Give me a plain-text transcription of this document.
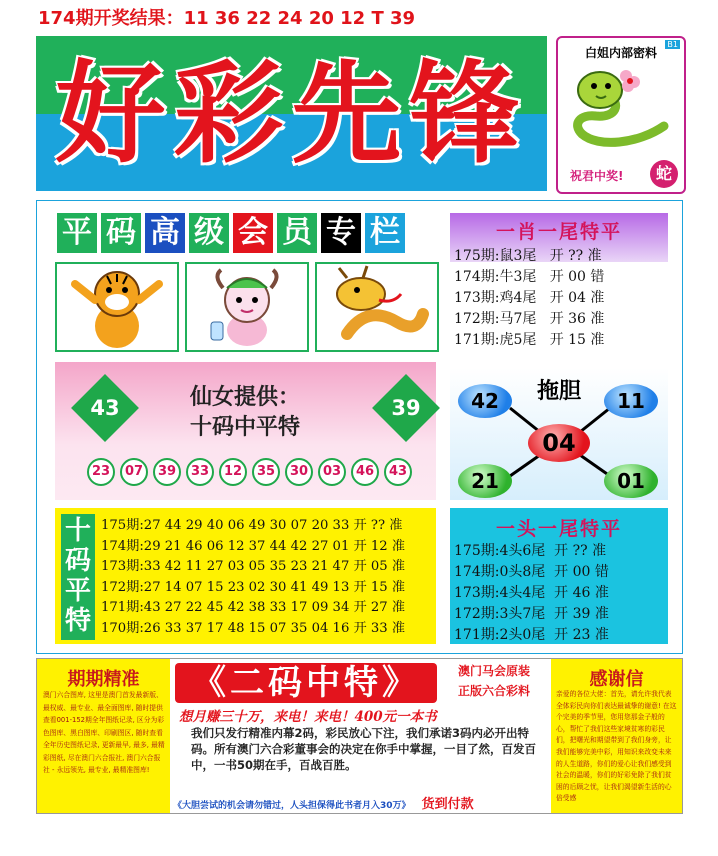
174期开奖结果：11 36 22 24 20 12 T 39
好彩先锋
B1
白姐内部密料
祝君中奖!	蛇
平 码 高 级 会 员 专 栏	一肖一尾特平
175期:鼠3尾   开 ?? 准
174期:牛3尾   开 00 错
173期:鸡4尾   开 04 准
172期:马7尾   开 36 准
171期:虎5尾   开 15 准
43	39
仙女提供：
十码中平特
23	07	39	33	12	35	30	03	46	43
拖胆
42	11
04
21	01
十
码
平
特
175期:27 44 29 40 06 49 30 07 20 33 开 ?? 准
174期:29 21 46 06 12 37 44 42 27 01 开 12 准
173期:33 42 11 27 03 05 35 23 21 47 开 05 准
172期:27 14 07 15 23 02 30 41 49 13 开 15 准
171期:43 27 22 45 42 38 33 17 09 34 开 27 准
170期:26 33 37 17 48 15 07 35 04 16 开 33 准
一头一尾特平
175期:4头6尾  开 ?? 准
174期:0头8尾  开 00 错
173期:4头4尾  开 46 准
172期:3头7尾  开 39 准
171期:2头0尾  开 23 准
期期精准
澳门六合图库, 这里是澳门首发最新版、最权威、最专业、最全面图库, 随时提供查看001-152期全年图纸记录, 区分为彩色图库、黑白图库、印刷图区, 随时查看全年历史图纸记录, 更新最早, 最多, 最精彩图纸, 尽在澳门六合报社, 澳门六合报社 - 永远领先, 最专业, 最精准图库!
《二码中特》	澳门马会原装
正版六合彩料
想月赚三十万，来电！来电！400元一本书
我们只发行精准内幕2码，彩民放心下注，我们承诺3码内必开出特码。所有澳门六合彩董事会的决定在你手中掌握，一目了然，百发百中，一书50期在手，百战百胜。
《大胆尝试的机会请勿错过，人头担保得此书者月入30万》 货到付款
感谢信
亲爱的各位大佬：首先，请允许我代表全体彩民向你们表达最诚挚的谢意! 在这个完美的季节里，您用您那金子般的心，帮忙了我们这些家境贫寒的彩民们，把曙光和期望带到了我们身旁，让我们能够完美中彩，用知识来改变未来的人生道路，你们的爱心让我们感受到社会的温暖，你们的好彩免除了我们贫困的后顾之忧，让我们渴望新生活的心倍受感
